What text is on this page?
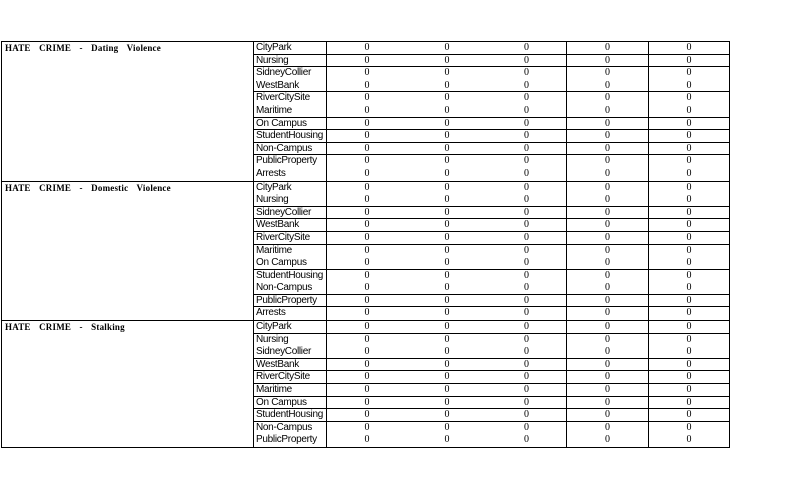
HATE CRIME - Dating Violence	CityPark	0	0	0	0	0
Nursing	0	0	0	0	0
SidneyCollier	0	0	0	0	0
WestBank	0	0	0	0	0
RiverCitySite	0	0	0	0	0
Maritime	0	0	0	0	0
On Campus	0	0	0	0	0
StudentHousing	0	0	0	0	0
Non-Campus	0	0	0	0	0
PublicProperty	0	0	0	0	0
Arrests	0	0	0	0	0
HATE CRIME - Domestic Violence	CityPark	0	0	0	0	0
Nursing	0	0	0	0	0
SidneyCollier	0	0	0	0	0
WestBank	0	0	0	0	0
RiverCitySite	0	0	0	0	0
Maritime	0	0	0	0	0
On Campus	0	0	0	0	0
StudentHousing	0	0	0	0	0
Non-Campus	0	0	0	0	0
PublicProperty	0	0	0	0	0
Arrests	0	0	0	0	0
HATE CRIME - Stalking	CityPark	0	0	0	0	0
Nursing	0	0	0	0	0
SidneyCollier	0	0	0	0	0
WestBank	0	0	0	0	0
RiverCitySite	0	0	0	0	0
Maritime	0	0	0	0	0
On Campus	0	0	0	0	0
StudentHousing	0	0	0	0	0
Non-Campus	0	0	0	0	0
PublicProperty	0	0	0	0	0
